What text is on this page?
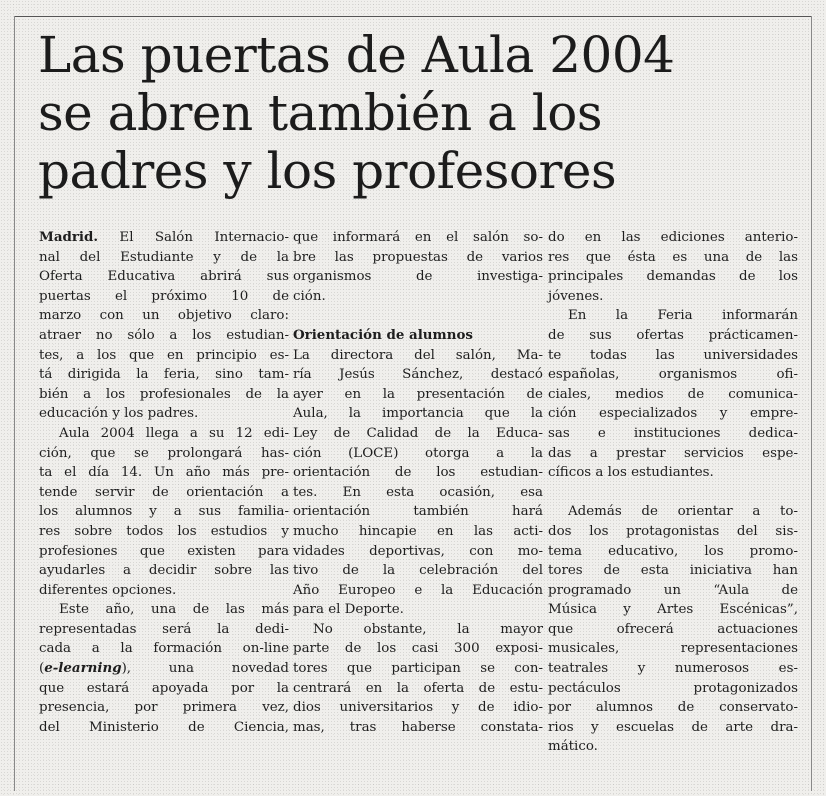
Las puertas de Aula 2004
se abren también a los
padres y los profesores
Madrid. El Salón Internacio-
nal del Estudiante y de la
Oferta Educativa abrirá sus
puertas el próximo 10 de
marzo con un objetivo claro:
atraer no sólo a los estudian-
tes, a los que en principio es-
tá dirigida la feria, sino tam-
bién a los profesionales de la
educación y los padres.
Aula 2004 llega a su 12 edi-
ción, que se prolongará has-
ta el día 14. Un año más pre-
tende servir de orientación a
los alumnos y a sus familia-
res sobre todos los estudios y
profesiones que existen para
ayudarles a decidir sobre las
diferentes opciones.
Este año, una de las más
representadas será la dedi-
cada a la formación on-line
(e-learning), una novedad
que estará apoyada por la
presencia, por primera vez,
del Ministerio de Ciencia,
que informará en el salón so-
bre las propuestas de varios
organismos de investiga-
ción.
Orientación de alumnos
La directora del salón, Ma-
ría Jesús Sánchez, destacó
ayer en la presentación de
Aula, la importancia que la
Ley de Calidad de la Educa-
ción (LOCE) otorga a la
orientación de los estudian-
tes. En esta ocasión, esa
orientación también hará
mucho hincapie en las acti-
vidades deportivas, con mo-
tivo de la celebración del
Año Europeo e la Educación
para el Deporte.
No obstante, la mayor
parte de los casi 300 exposi-
tores que participan se con-
centrará en la oferta de estu-
dios universitarios y de idio-
mas, tras haberse constata-
do en las ediciones anterio-
res que ésta es una de las
principales demandas de los
jóvenes.
En la Feria informarán
de sus ofertas prácticamen-
te todas las universidades
españolas, organismos ofi-
ciales, medios de comunica-
ción especializados y empre-
sas e instituciones dedica-
das a prestar servicios espe-
cíficos a los estudiantes.
Además de orientar a to-
dos los protagonistas del sis-
tema educativo, los promo-
tores de esta iniciativa han
programado un “Aula de
Música y Artes Escénicas”,
que ofrecerá actuaciones
musicales, representaciones
teatrales y numerosos es-
pectáculos protagonizados
por alumnos de conservato-
rios y escuelas de arte dra-
mático.
